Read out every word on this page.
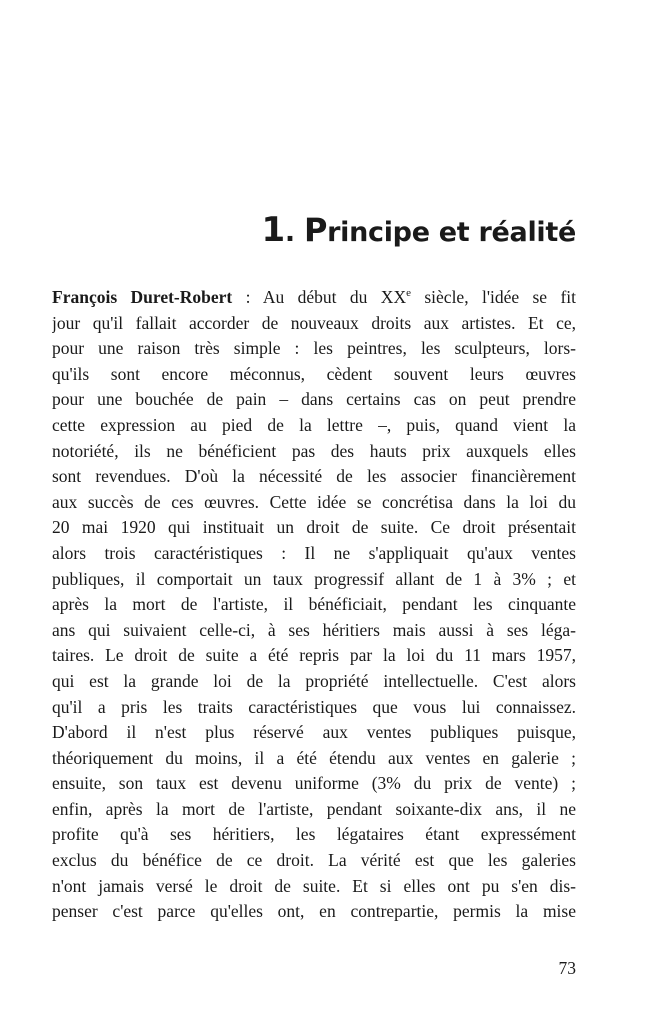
1. Principe et réalité
François Duret-Robert : Au début du XXe siècle, l'idée se fit
jour qu'il fallait accorder de nouveaux droits aux artistes. Et ce,
pour une raison très simple : les peintres, les sculpteurs, lors-
qu'ils sont encore méconnus, cèdent souvent leurs œuvres
pour une bouchée de pain – dans certains cas on peut prendre
cette expression au pied de la lettre –, puis, quand vient la
notoriété, ils ne bénéficient pas des hauts prix auxquels elles
sont revendues. D'où la nécessité de les associer financièrement
aux succès de ces œuvres. Cette idée se concrétisa dans la loi du
20 mai 1920 qui instituait un droit de suite. Ce droit présentait
alors trois caractéristiques : Il ne s'appliquait qu'aux ventes
publiques, il comportait un taux progressif allant de 1 à 3% ; et
après la mort de l'artiste, il bénéficiait, pendant les cinquante
ans qui suivaient celle-ci, à ses héritiers mais aussi à ses léga-
taires. Le droit de suite a été repris par la loi du 11 mars 1957,
qui est la grande loi de la propriété intellectuelle. C'est alors
qu'il a pris les traits caractéristiques que vous lui connaissez.
D'abord il n'est plus réservé aux ventes publiques puisque,
théoriquement du moins, il a été étendu aux ventes en galerie ;
ensuite, son taux est devenu uniforme (3% du prix de vente) ;
enfin, après la mort de l'artiste, pendant soixante-dix ans, il ne
profite qu'à ses héritiers, les légataires étant expressément
exclus du bénéfice de ce droit. La vérité est que les galeries
n'ont jamais versé le droit de suite. Et si elles ont pu s'en dis-
penser c'est parce qu'elles ont, en contrepartie, permis la mise
73
